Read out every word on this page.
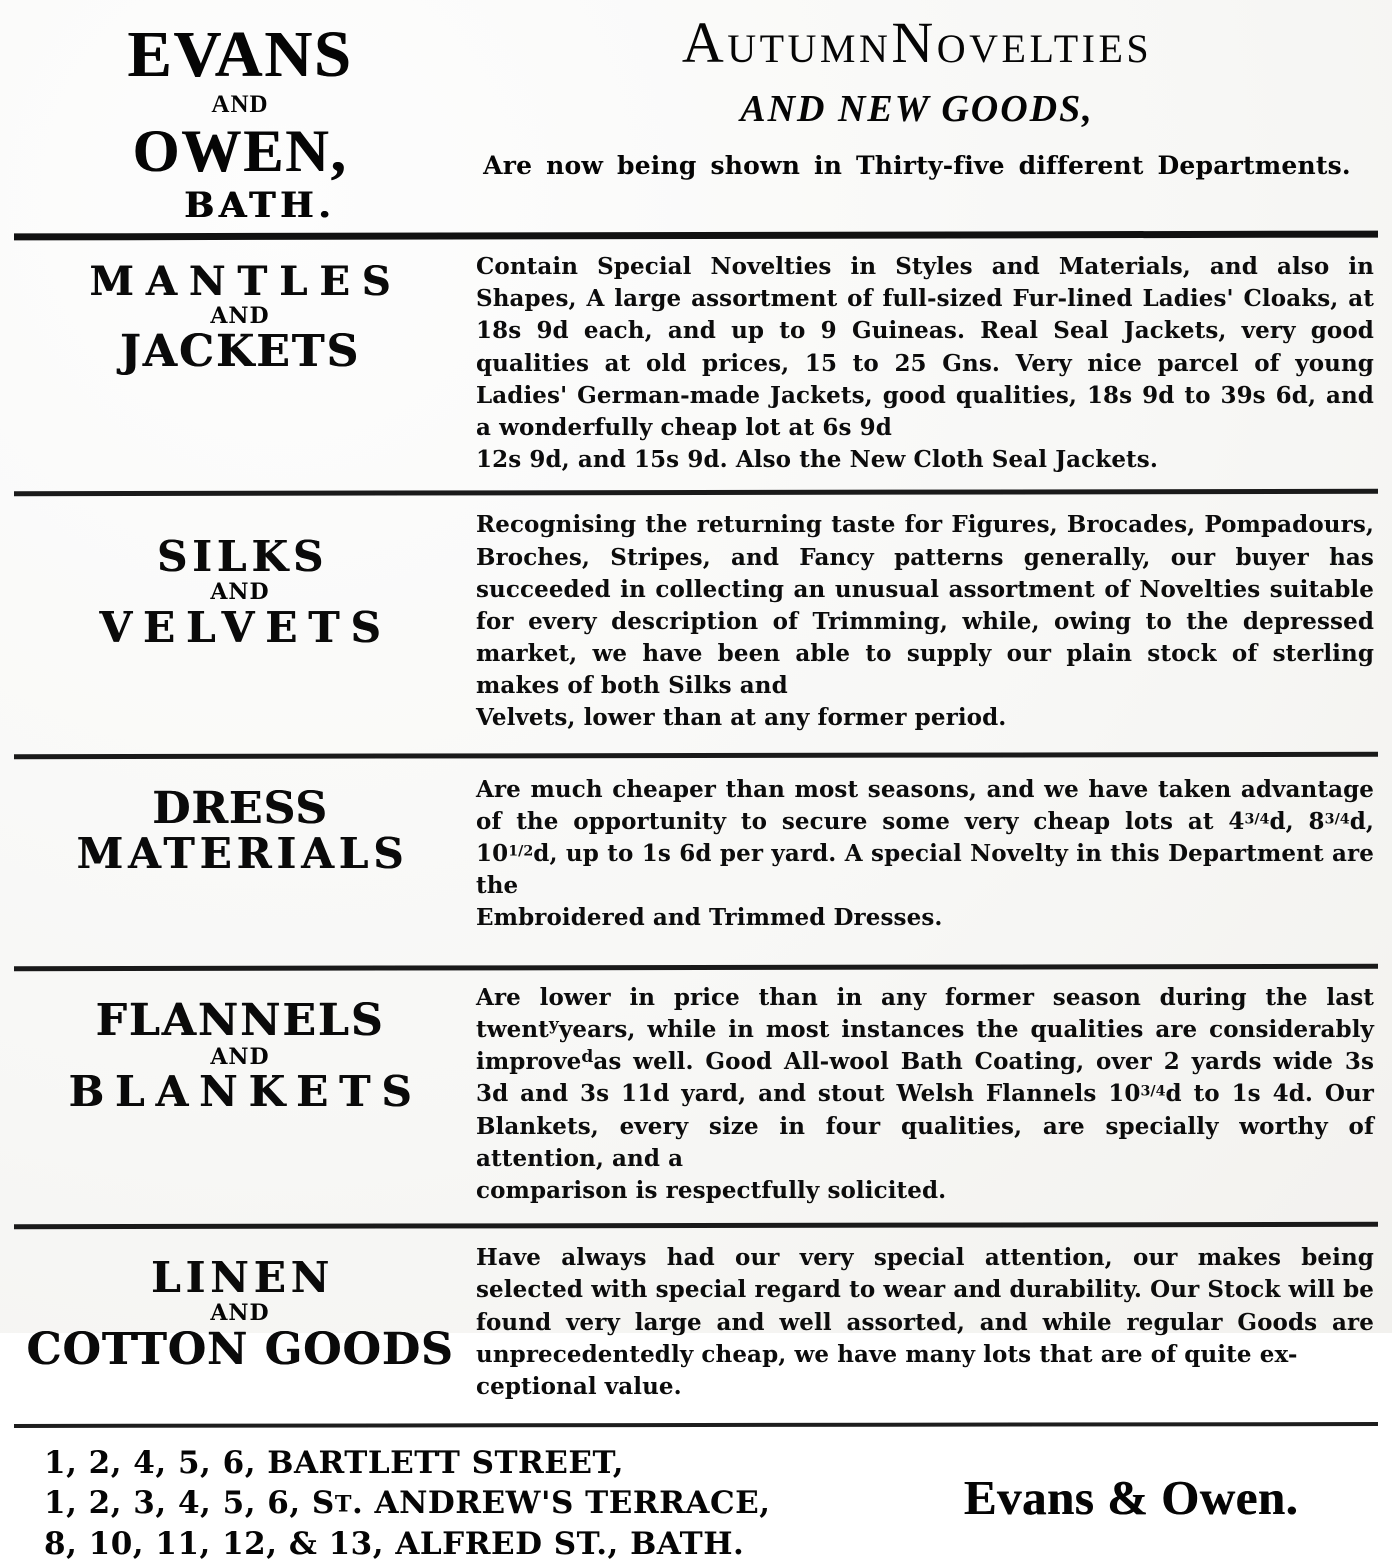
EVANS
AND
OWEN,
BATH.
AUTUMNNOVELTIES
AND NEW GOODS,
Are now being shown in Thirty-five different Departments.
MANTLES
AND
JACKETS
Contain Special Novelties in Styles and Materials, and also in Shapes, A large assortment of full-sized Fur-lined Ladies' Cloaks, at 18s 9d each, and up to 9 Guineas. Real Seal Jackets, very good qualities at old prices, 15 to 25 Gns. Very nice parcel of young Ladies' German-made Jackets, good qualities, 18s 9d to 39s 6d, and a wonderfully cheap lot at 6s 9d
12s 9d, and 15s 9d. Also the New Cloth Seal Jackets.
SILKS
AND
VELVETS
Recognising the returning taste for Figures, Brocades, Pompadours, Broches, Stripes, and Fancy patterns generally, our buyer has succeeded in collecting an unusual assortment of Novelties suitable for every description of Trimming, while, owing to the depressed market, we have been able to supply our plain stock of sterling makes of both Silks and
Velvets, lower than at any former period.
DRESS
MATERIALS
Are much cheaper than most seasons, and we have taken advantage of the opportunity to secure some very cheap lots at $4^{3/4}d$, $8^{3/4}d$, $10^{1/2}d$, up to 1s 6d per yard. A special Novelty in this Department are the
Embroidered and Trimmed Dresses.
FLANNELS
AND
BLANKETS
Are lower in price than in any former season during the last twent$^y$years, while in most instances the qualities are considerably improve$^d$as well. Good All-wool Bath Coating, over 2 yards wide 3s 3d and 3s 11d yard, and stout Welsh Flannels $10^{3/4}d$ to 1s 4d. Our Blankets, every size in four qualities, are specially worthy of attention, and a
comparison is respectfully solicited.
LINEN
AND
COTTON GOODS
Have always had our very special attention, our makes being selected with special regard to wear and durability. Our Stock will be found very large and well assorted, and while regular Goods are unprecedentedly cheap, we have many lots that are of quite ex-
ceptional value.
1, 2, 4, 5, 6, BARTLETT STREET,
1, 2, 3, 4, 5, 6, ST. ANDREW'S TERRACE,
8, 10, 11, 12, & 13, ALFRED ST., BATH.
Evans & Owen.
